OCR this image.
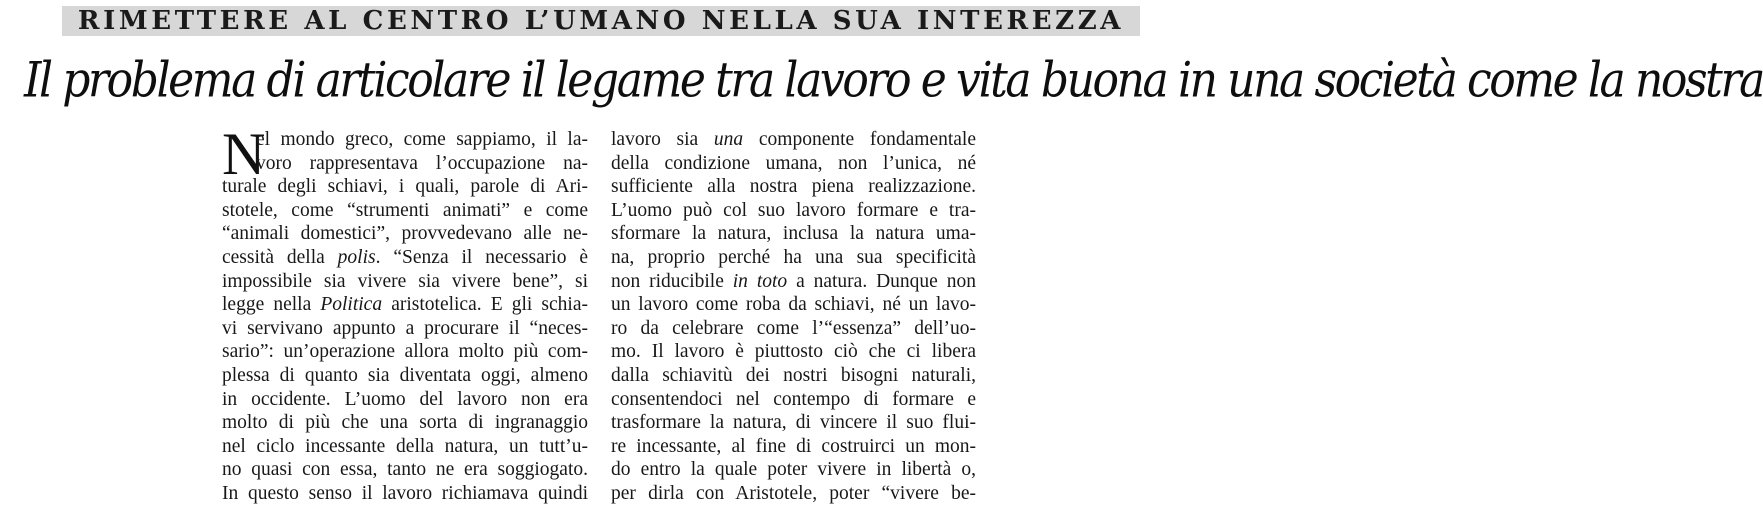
RIMETTERE AL CENTRO L’UMANO NELLA SUA INTEREZZA
Il problema di articolare il legame tra lavoro e vita buona in una società come la nostra
N
el mondo greco, come sappiamo, il la-
voro rappresentava l’occupazione na-
turale degli schiavi, i quali, parole di Ari-
stotele, come “strumenti animati” e come
“animali domestici”, provvedevano alle ne-
cessità della polis. “Senza il necessario è
impossibile sia vivere sia vivere bene”, si
legge nella Politica aristotelica. E gli schia-
vi servivano appunto a procurare il “neces-
sario”: un’operazione allora molto più com-
plessa di quanto sia diventata oggi, almeno
in occidente. L’uomo del lavoro non era
molto di più che una sorta di ingranaggio
nel ciclo incessante della natura, un tutt’u-
no quasi con essa, tanto ne era soggiogato.
In questo senso il lavoro richiamava quindi
lavoro sia una componente fondamentale
della condizione umana, non l’unica, né
sufficiente alla nostra piena realizzazione.
L’uomo può col suo lavoro formare e tra-
sformare la natura, inclusa la natura uma-
na, proprio perché ha una sua specificità
non riducibile in toto a natura. Dunque non
un lavoro come roba da schiavi, né un lavo-
ro da celebrare come l’“essenza” dell’uo-
mo. Il lavoro è piuttosto ciò che ci libera
dalla schiavitù dei nostri bisogni naturali,
consentendoci nel contempo di formare e
trasformare la natura, di vincere il suo flui-
re incessante, al fine di costruirci un mon-
do entro la quale poter vivere in libertà o,
per dirla con Aristotele, poter “vivere be-
